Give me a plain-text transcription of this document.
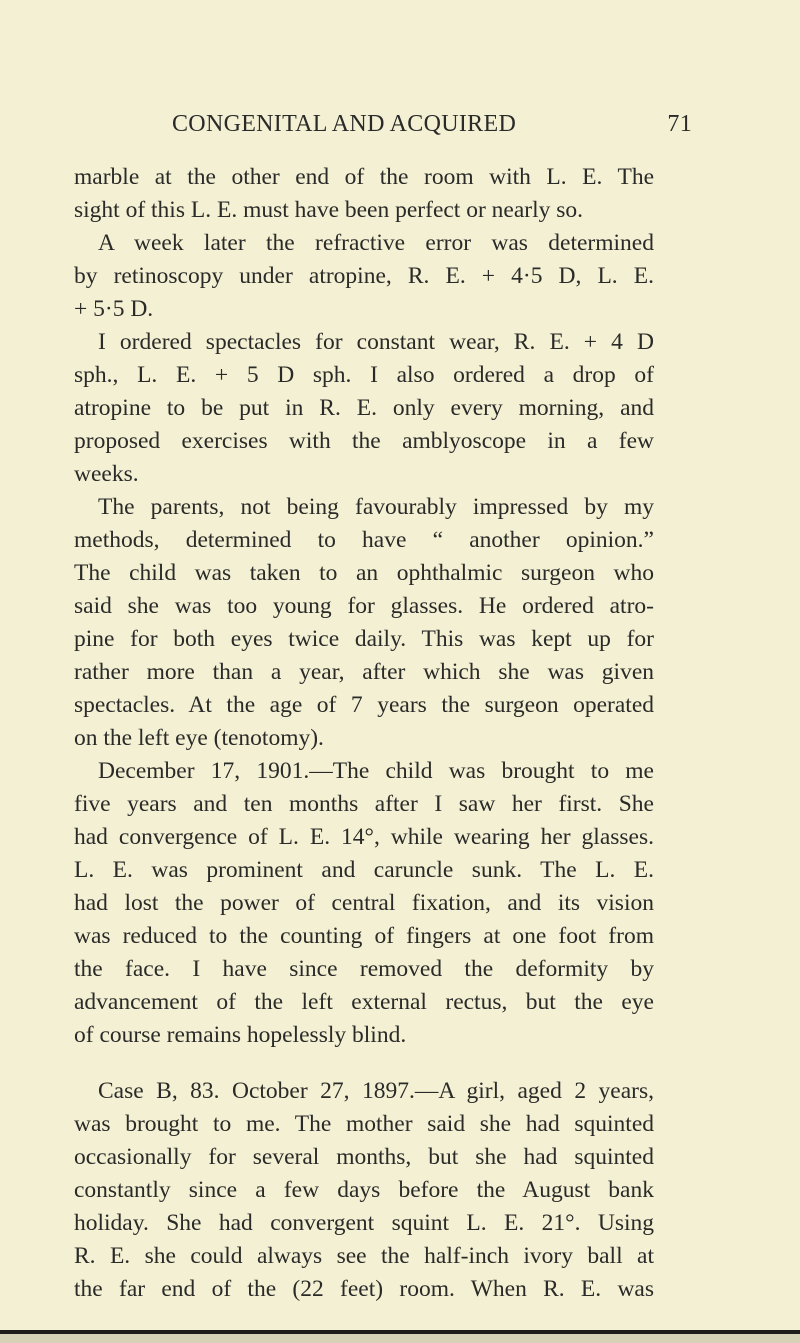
CONGENITAL AND ACQUIRED	71
marble at the other end of the room with L. E. The
sight of this L. E. must have been perfect or nearly so.
A week later the refractive error was determined
by retinoscopy under atropine, R. E. + 4·5 D, L. E.
+ 5·5 D.
I ordered spectacles for constant wear, R. E. + 4 D
sph., L. E. + 5 D sph. I also ordered a drop of
atropine to be put in R. E. only every morning, and
proposed exercises with the amblyoscope in a few
weeks.
The parents, not being favourably impressed by my
methods, determined to have “ another opinion.”
The child was taken to an ophthalmic surgeon who
said she was too young for glasses. He ordered atro-
pine for both eyes twice daily. This was kept up for
rather more than a year, after which she was given
spectacles. At the age of 7 years the surgeon operated
on the left eye (tenotomy).
December 17, 1901.—The child was brought to me
five years and ten months after I saw her first. She
had convergence of L. E. 14°, while wearing her glasses.
L. E. was prominent and caruncle sunk. The L. E.
had lost the power of central fixation, and its vision
was reduced to the counting of fingers at one foot from
the face. I have since removed the deformity by
advancement of the left external rectus, but the eye
of course remains hopelessly blind.
Case B, 83. October 27, 1897.—A girl, aged 2 years,
was brought to me. The mother said she had squinted
occasionally for several months, but she had squinted
constantly since a few days before the August bank
holiday. She had convergent squint L. E. 21°. Using
R. E. she could always see the half-inch ivory ball at
the far end of the (22 feet) room. When R. E. was
